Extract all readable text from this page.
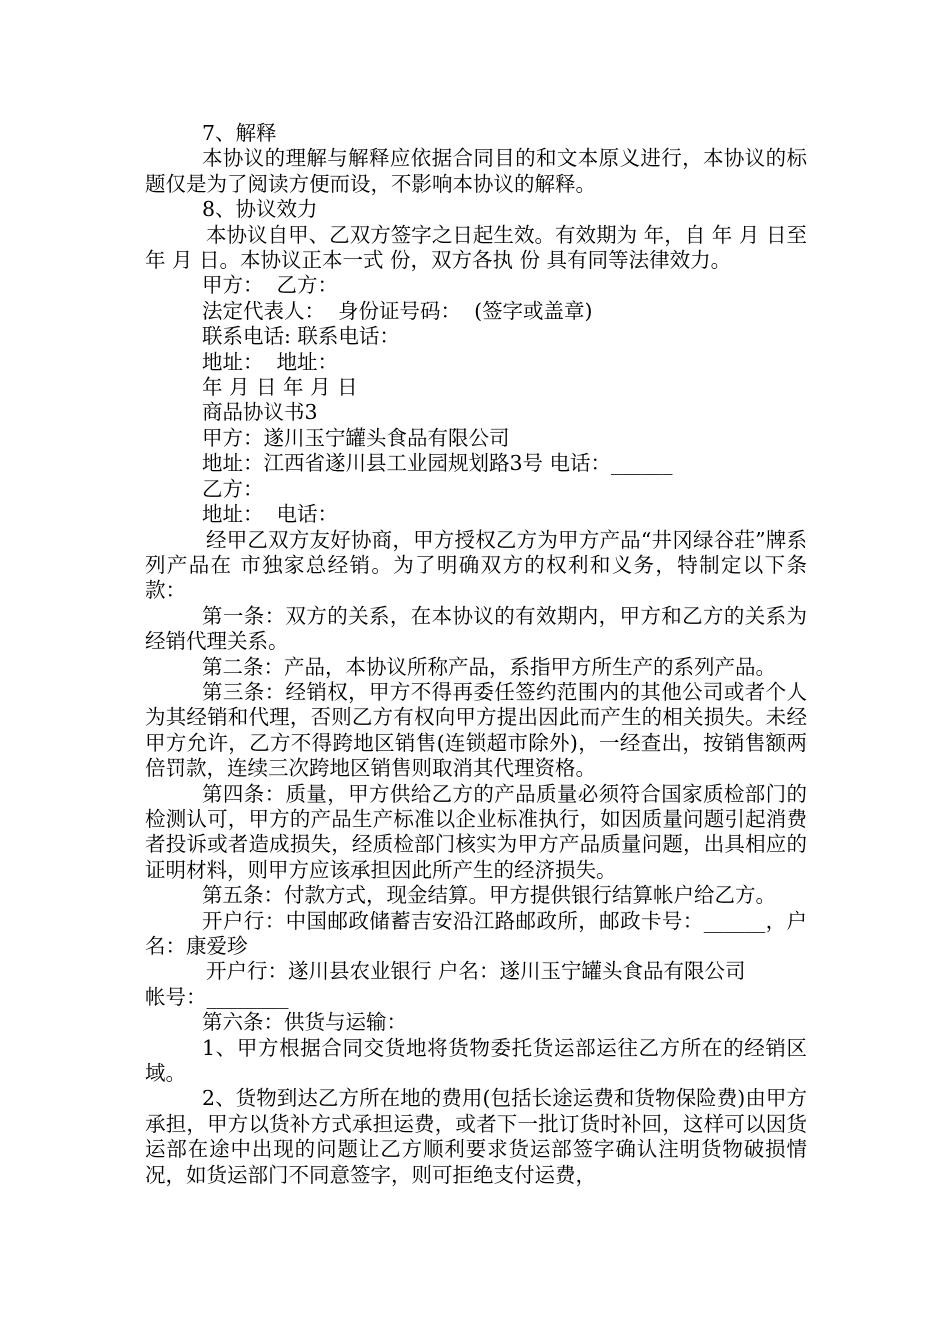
7、解释

本协议的理解与解释应依据合同目的和文本原义进行，本协议的标题仅是为了阅读方便而设，不影响本协议的解释。

8、协议效力

本协议自甲、乙双方签字之日起生效。有效期为 年，自 年 月 日至 年 月 日。本协议正本一式 份，双方各执 份 具有同等法律效力。

甲方：  乙方：

法定代表人：  身份证号码：  (签字或盖章)

联系电话: 联系电话：

地址：  地址：

年 月 日 年 月 日

商品协议书3

甲方：遂川玉宁罐头食品有限公司

地址：江西省遂川县工业园规划路3号 电话：______

乙方：

地址：  电话：

经甲乙双方友好协商，甲方授权乙方为甲方产品“井冈绿谷荘”牌系列产品在 市独家总经销。为了明确双方的权利和义务，特制定以下条款：

第一条：双方的关系，在本协议的有效期内，甲方和乙方的关系为经销代理关系。

第二条：产品，本协议所称产品，系指甲方所生产的系列产品。

第三条：经销权，甲方不得再委任签约范围内的其他公司或者个人为其经销和代理，否则乙方有权向甲方提出因此而产生的相关损失。未经甲方允许，乙方不得跨地区销售(连锁超市除外)，一经查出，按销售额两倍罚款，连续三次跨地区销售则取消其代理资格。

第四条：质量，甲方供给乙方的产品质量必须符合国家质检部门的检测认可，甲方的产品生产标准以企业标准执行，如因质量问题引起消费者投诉或者造成损失，经质检部门核实为甲方产品质量问题，出具相应的证明材料，则甲方应该承担因此所产生的经济损失。

第五条：付款方式，现金结算。甲方提供银行结算帐户给乙方。

开户行：中国邮政储蓄吉安沿江路邮政所，邮政卡号：______，户名：康爱珍

开户行：遂川县农业银行 户名：遂川玉宁罐头食品有限公司

帐号：________

第六条：供货与运输：

1、甲方根据合同交货地将货物委托货运部运往乙方所在的经销区域。

2、货物到达乙方所在地的费用(包括长途运费和货物保险费)由甲方承担，甲方以货补方式承担运费，或者下一批订货时补回，这样可以因货运部在途中出现的问题让乙方顺利要求货运部签字确认注明货物破损情况，如货运部门不同意签字，则可拒绝支付运费，
